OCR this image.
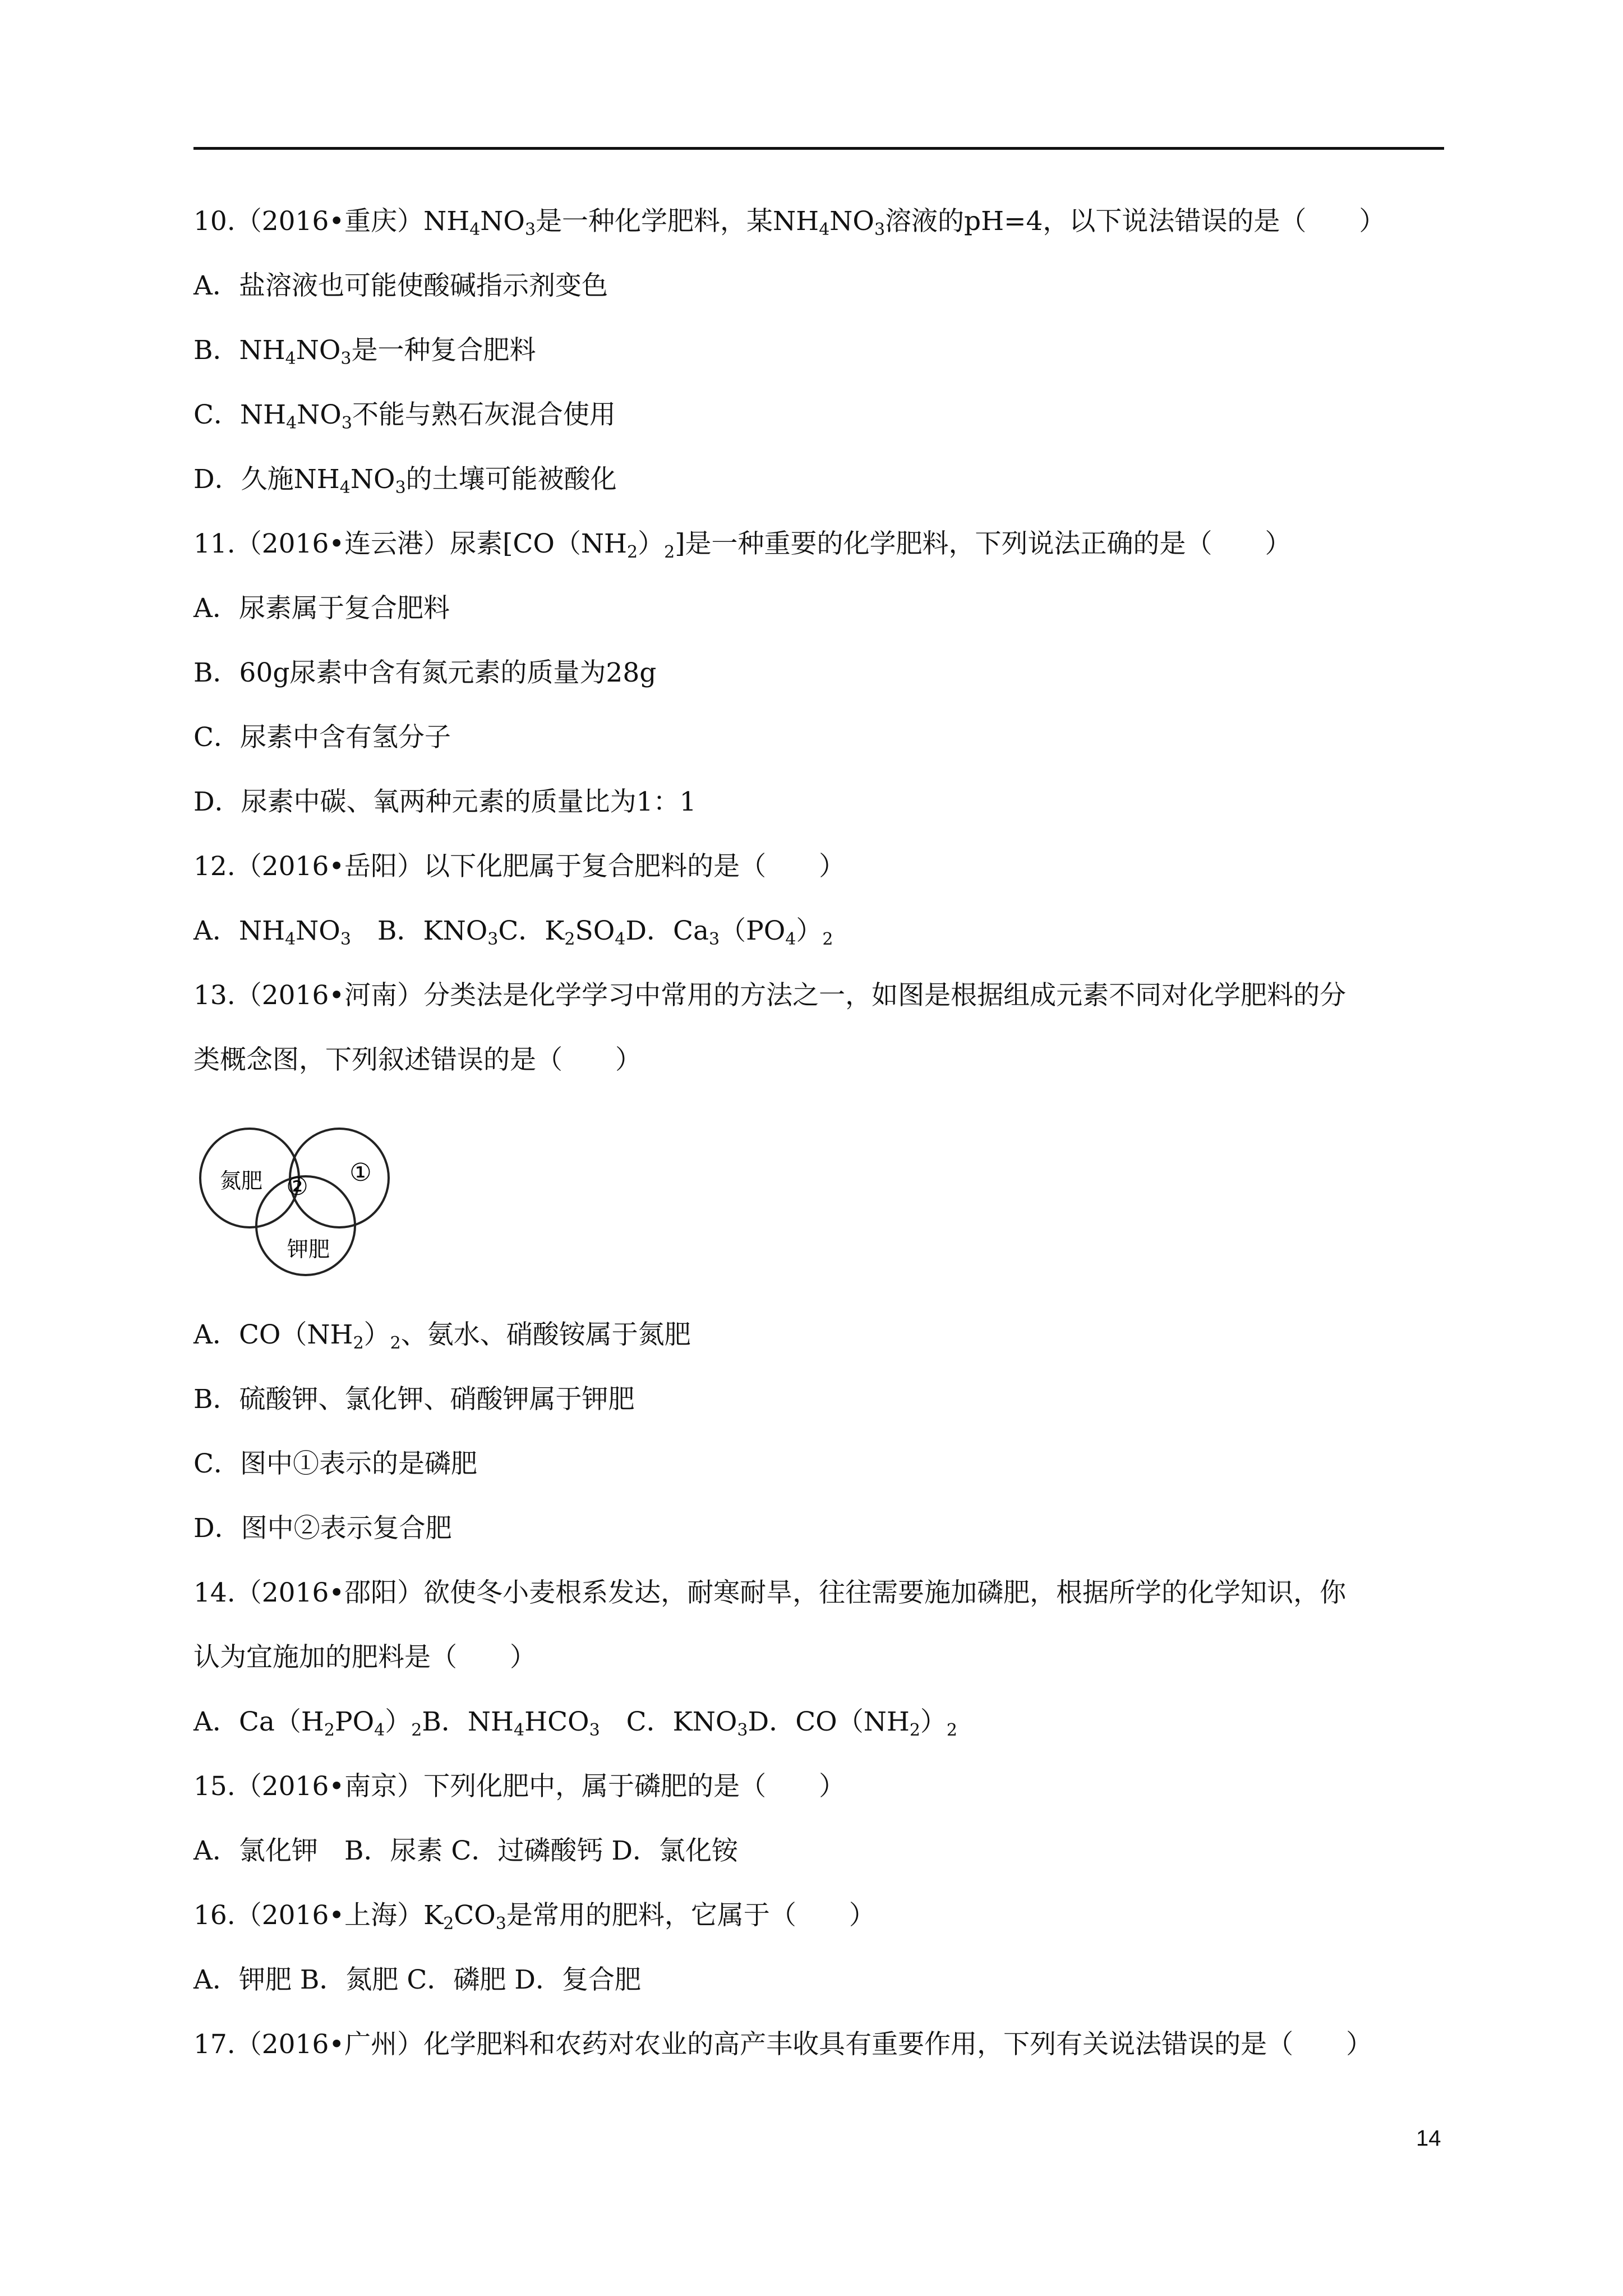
10.（2016•重庆）$NH_4NO_3$是一种化学肥料，某$NH_4NO_3$溶液的pH=4，以下说法错误的是（　　）
A．盐溶液也可能使酸碱指示剂变色
B．$NH_4NO_3$是一种复合肥料
C．$NH_4NO_3$不能与熟石灰混合使用
D．久施$NH_4NO_3$的土壤可能被酸化
11.（2016•连云港）尿素$[CO(NH_2)_2]$是一种重要的化学肥料，下列说法正确的是（　　）
A．尿素属于复合肥料
B．60g尿素中含有氮元素的质量为28g
C．尿素中含有氢分子
D．尿素中碳、氧两种元素的质量比为1：1
12.（2016•岳阳）以下化肥属于复合肥料的是（　　）
A．$NH_4NO_3$　B．$KNO_3C$．$K_2SO_4D$．$Ca_3(PO_4)_2$
13.（2016•河南）分类法是化学学习中常用的方法之一，如图是根据组成元素不同对化学肥料的分
类概念图，下列叙述错误的是（　　）
A．$CO(NH_2)_2$、氨水、硝酸铵属于氮肥
B．硫酸钾、氯化钾、硝酸钾属于钾肥
C．图中①表示的是磷肥
D．图中②表示复合肥
14.（2016•邵阳）欲使冬小麦根系发达，耐寒耐旱，往往需要施加磷肥，根据所学的化学知识，你
认为宜施加的肥料是（　　）
A．$Ca(H_2PO_4)_2B$．$NH_4HCO_3$　C．$KNO_3D$．$CO(NH_2)_2$
15.（2016•南京）下列化肥中，属于磷肥的是（　　）
A．氯化钾　B．尿素 C．过磷酸钙 D．氯化铵
16.（2016•上海）$K_2CO_3$是常用的肥料，它属于（　　）
A．钾肥 B．氮肥 C．磷肥 D．复合肥
17.（2016•广州）化学肥料和农药对农业的高产丰收具有重要作用，下列有关说法错误的是（　　）
氮肥	①
②
钾肥
14
